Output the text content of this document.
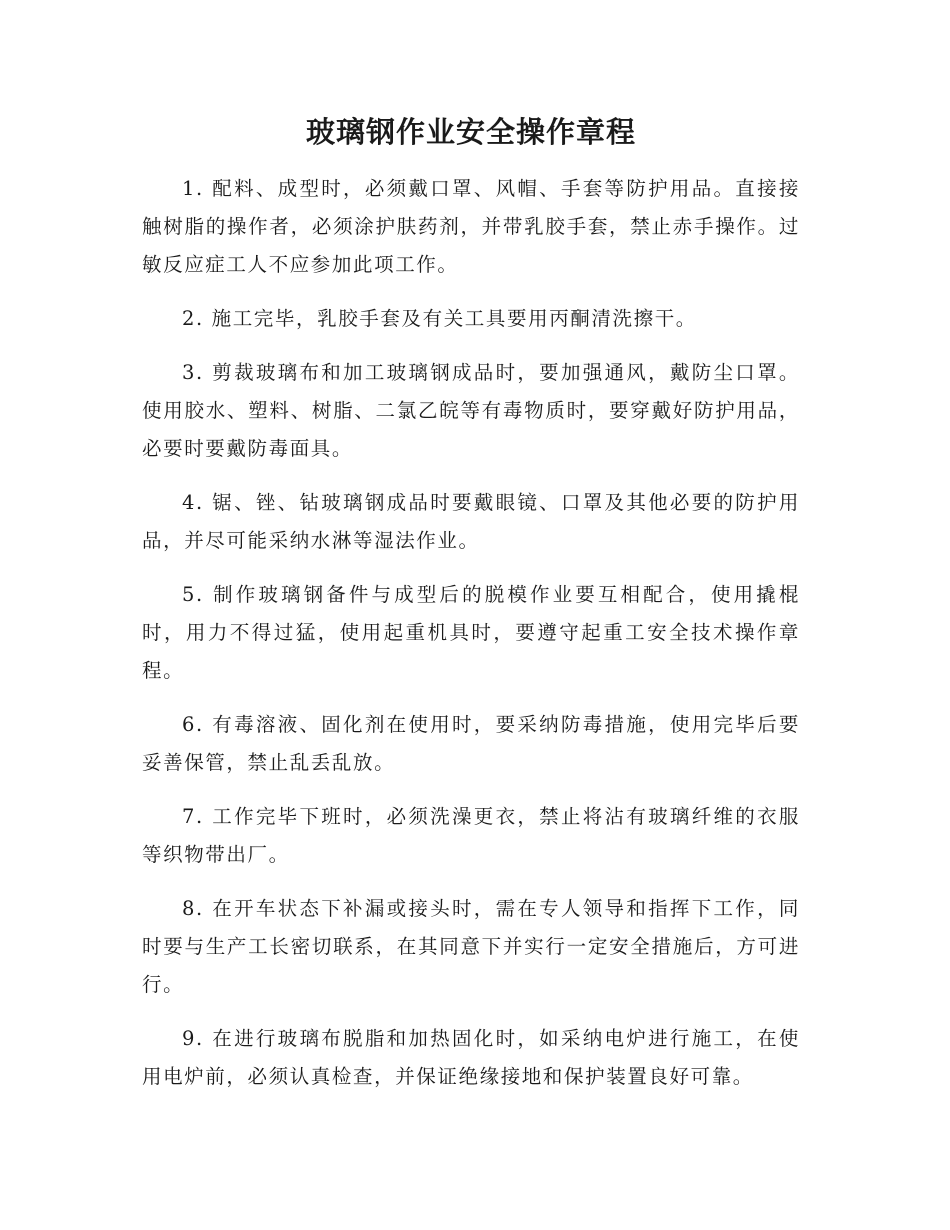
玻璃钢作业安全操作章程

1. 配料、成型时，必须戴口罩、风帽、手套等防护用品。直接接触树脂的操作者，必须涂护肤药剂，并带乳胶手套，禁止赤手操作。过敏反应症工人不应参加此项工作。

2. 施工完毕，乳胶手套及有关工具要用丙酮清洗擦干。

3. 剪裁玻璃布和加工玻璃钢成品时，要加强通风，戴防尘口罩。使用胶水、塑料、树脂、二氯乙皖等有毒物质时，要穿戴好防护用品，必要时要戴防毒面具。

4. 锯、锉、钻玻璃钢成品时要戴眼镜、口罩及其他必要的防护用品，并尽可能采纳水淋等湿法作业。

5. 制作玻璃钢备件与成型后的脱模作业要互相配合，使用撬棍时，用力不得过猛，使用起重机具时，要遵守起重工安全技术操作章程。

6. 有毒溶液、固化剂在使用时，要采纳防毒措施，使用完毕后要妥善保管，禁止乱丢乱放。

7. 工作完毕下班时，必须洗澡更衣，禁止将沾有玻璃纤维的衣服等织物带出厂。

8. 在开车状态下补漏或接头时，需在专人领导和指挥下工作，同时要与生产工长密切联系，在其同意下并实行一定安全措施后，方可进行。

9. 在进行玻璃布脱脂和加热固化时，如采纳电炉进行施工，在使用电炉前，必须认真检查，并保证绝缘接地和保护装置良好可靠。
